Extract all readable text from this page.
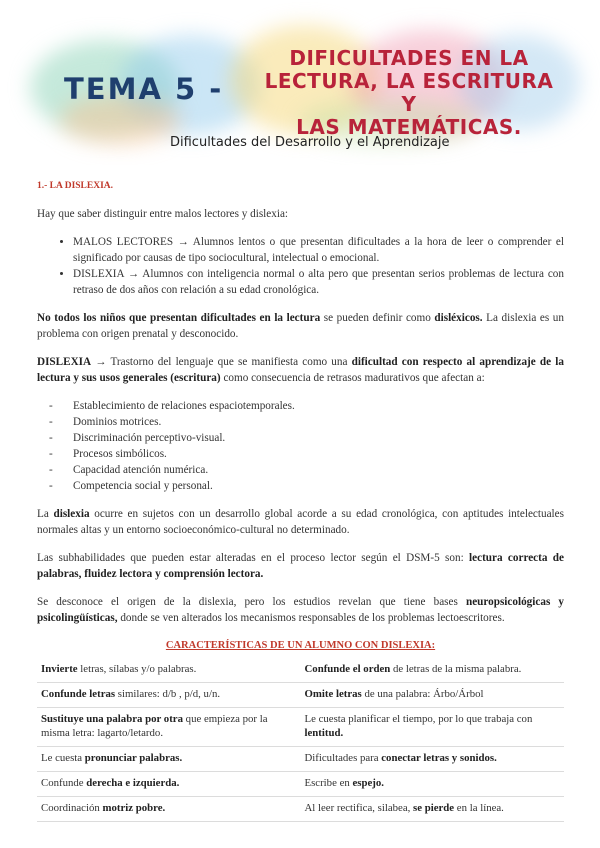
TEMA 5 -
DIFICULTADES EN LA
LECTURA, LA ESCRITURA Y
LAS MATEMÁTICAS.
Dificultades del Desarrollo y el Aprendizaje
1.- LA DISLEXIA.

Hay que saber distinguir entre malos lectores y dislexia:

• MALOS LECTORES → Alumnos lentos o que presentan dificultades a la hora de leer o comprender el significado por causas de tipo sociocultural, intelectual o emocional.
• DISLEXIA → Alumnos con inteligencia normal o alta pero que presentan serios problemas de lectura con retraso de dos años con relación a su edad cronológica.

No todos los niños que presentan dificultades en la lectura se pueden definir como disléxicos. La dislexia es un problema con origen prenatal y desconocido.

DISLEXIA → Trastorno del lenguaje que se manifiesta como una dificultad con respecto al aprendizaje de la lectura y sus usos generales (escritura) como consecuencia de retrasos madurativos que afectan a:

- Establecimiento de relaciones espaciotemporales.
- Dominios motrices.
- Discriminación perceptivo-visual.
- Procesos simbólicos.
- Capacidad atención numérica.
- Competencia social y personal.

La dislexia ocurre en sujetos con un desarrollo global acorde a su edad cronológica, con aptitudes intelectuales normales altas y un entorno socioeconómico-cultural no determinado.

Las subhabilidades que pueden estar alteradas en el proceso lector según el DSM-5 son: lectura correcta de palabras, fluidez lectora y comprensión lectora.

Se desconoce el origen de la dislexia, pero los estudios revelan que tiene bases neuropsicológicas y psicolingüísticas, donde se ven alterados los mecanismos responsables de los problemas lectoescritores.

CARACTERÍSTICAS DE UN ALUMNO CON DISLEXIA:
Invierte letras, sílabas y/o palabras.	Confunde el orden de letras de la misma palabra.
Confunde letras similares: d/b , p/d, u/n.	Omite letras de una palabra: Árbo/Árbol
Sustituye una palabra por otra que empieza por la misma letra: lagarto/letardo.	Le cuesta planificar el tiempo, por lo que trabaja con lentitud.
Le cuesta pronunciar palabras.	Dificultades para conectar letras y sonidos.
Confunde derecha e izquierda.	Escribe en espejo.
Coordinación motriz pobre.	Al leer rectifica, silabea, se pierde en la línea.
